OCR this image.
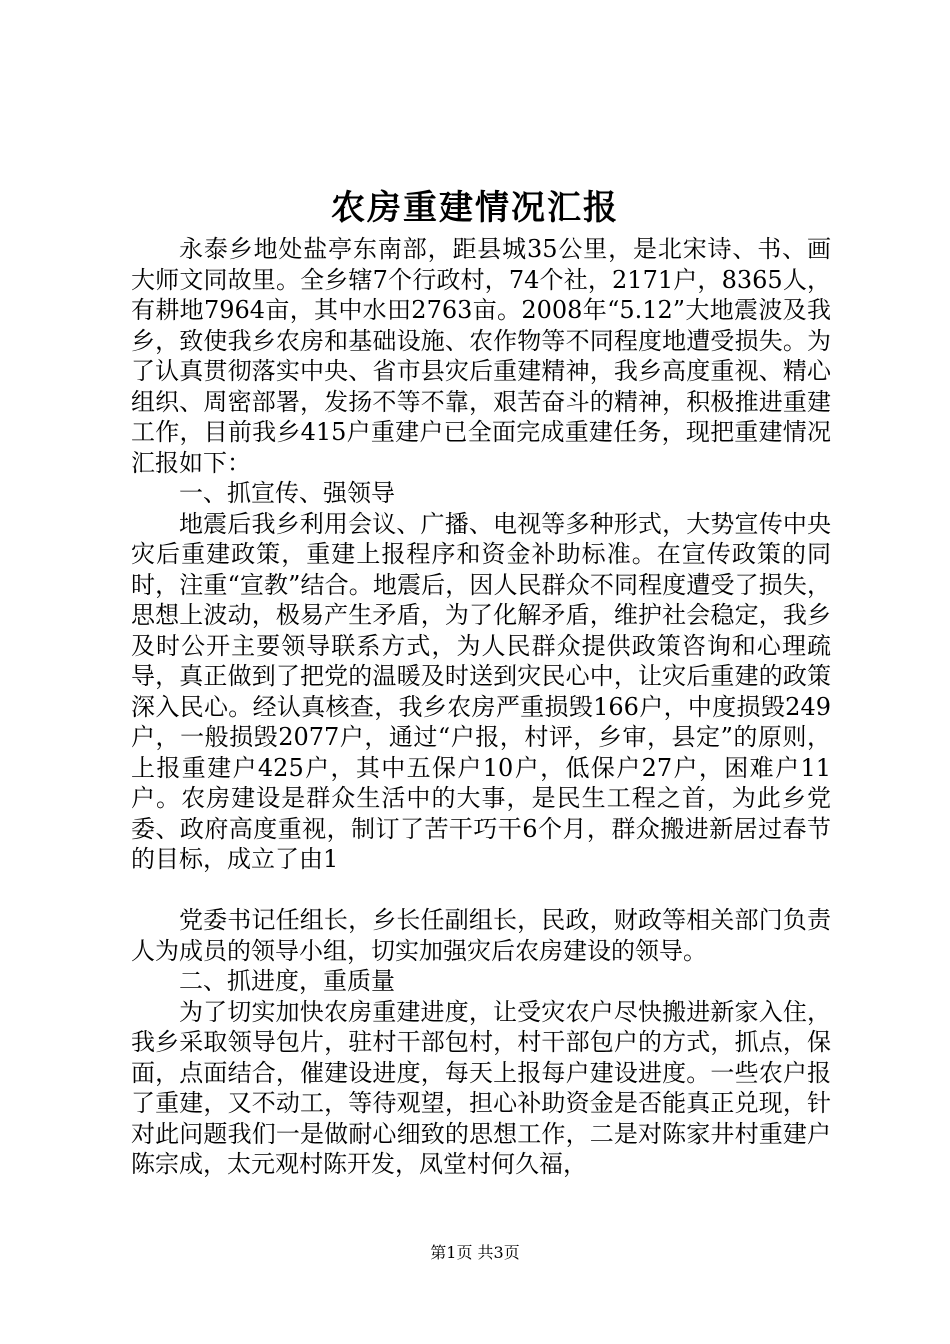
农房重建情况汇报

永泰乡地处盐亭东南部，距县城35公里，是北宋诗、书、画大师文同故里。全乡辖7个行政村，74个社，2171户，8365人，有耕地7964亩，其中水田2763亩。2008年“5.12”大地震波及我乡，致使我乡农房和基础设施、农作物等不同程度地遭受损失。为了认真贯彻落实中央、省市县灾后重建精神，我乡高度重视、精心组织、周密部署，发扬不等不靠，艰苦奋斗的精神，积极推进重建工作，目前我乡415户重建户已全面完成重建任务，现把重建情况汇报如下：

一、抓宣传、强领导

地震后我乡利用会议、广播、电视等多种形式，大势宣传中央灾后重建政策，重建上报程序和资金补助标准。在宣传政策的同时，注重“宣教”结合。地震后，因人民群众不同程度遭受了损失，思想上波动，极易产生矛盾，为了化解矛盾，维护社会稳定，我乡及时公开主要领导联系方式，为人民群众提供政策咨询和心理疏导，真正做到了把党的温暖及时送到灾民心中，让灾后重建的政策深入民心。经认真核查，我乡农房严重损毁166户，中度损毁249户，一般损毁2077户，通过“户报，村评，乡审，县定”的原则，上报重建户425户，其中五保户10户，低保户27户，困难户11户。农房建设是群众生活中的大事，是民生工程之首，为此乡党委、政府高度重视，制订了苦干巧干6个月，群众搬进新居过春节的目标，成立了由1

党委书记任组长，乡长任副组长，民政，财政等相关部门负责人为成员的领导小组，切实加强灾后农房建设的领导。

二、抓进度，重质量

为了切实加快农房重建进度，让受灾农户尽快搬进新家入住，我乡采取领导包片，驻村干部包村，村干部包户的方式，抓点，保面，点面结合，催建设进度，每天上报每户建设进度。一些农户报了重建，又不动工，等待观望，担心补助资金是否能真正兑现，针对此问题我们一是做耐心细致的思想工作，二是对陈家井村重建户陈宗成，太元观村陈开发，凤堂村何久福，

第1页 共3页
